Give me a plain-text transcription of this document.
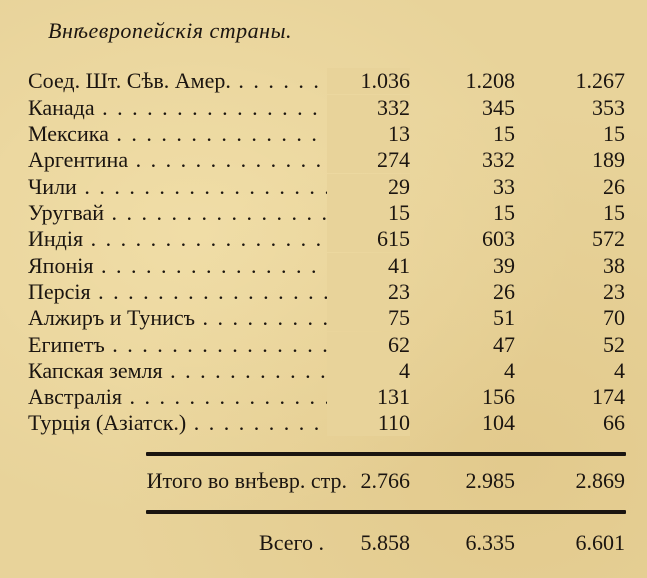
Внѣевропейскія страны.
Соед. Шт. Сѣв. Амер. . . .	1.036	1.208	1.267
Канада . . .	332	345	353
Мексика . . .	13	15	15
Аргентина . . .	274	332	189
Чили . . .	29	33	26
Уругвай . . .	15	15	15
Индія . . .	615	603	572
Японія . . .	41	39	38
Персія . . .	23	26	23
Алжиръ и Тунисъ . . .	75	51	70
Египетъ . . .	62	47	52
Капская земля . . .	4	4	4
Австралія . . .	131	156	174
Турція (Азіатск.) . . .	110	104	66
Итого во внѣевр. стр. 2.766	2.985	2.869
Всего .	5.858	6.335	6.601
